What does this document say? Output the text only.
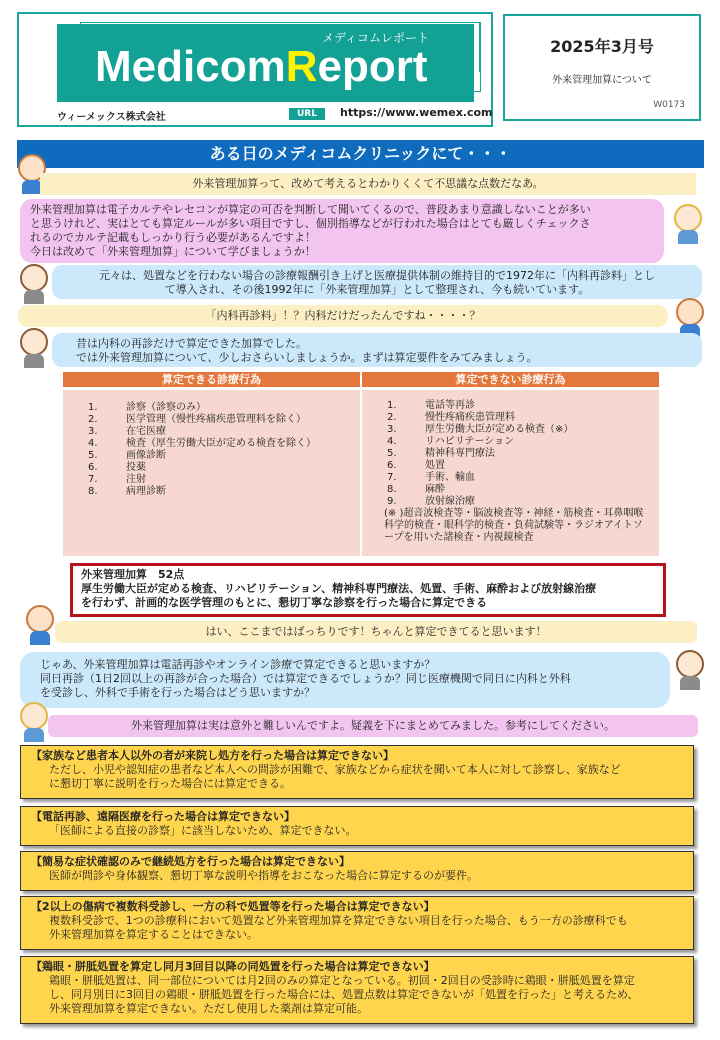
メディコムレポート
MedicomReport
ウィーメックス株式会社	URL	https://www.wemex.com
2025年3月号
外来管理加算について
W0173
ある日のメディコムクリニックにて・・・
外来管理加算って、改めて考えるとわかりくくて不思議な点数だなあ。
外来管理加算は電子カルテやレセコンが算定の可否を判断して聞いてくるので、普段あまり意識しないことが多い
と思うけれど、実はとても算定ルールが多い項目ですし、個別指導などが行われた場合はとても厳しくチェックさ
れるのでカルテ記載もしっかり行う必要があるんですよ！
今日は改めて「外来管理加算」について学びましょうか！
元々は、処置などを行わない場合の診療報酬引き上げと医療提供体制の維持目的で1972年に「内科再診料」とし
て導入され、その後1992年に「外来管理加算」として整理され、今も続いています。
「内科再診料」！？内科だけだったんですね・・・・？
昔は内科の再診だけで算定できた加算でした。
では外来管理加算について、少しおさらいしましょうか。まずは算定要件をみてみましょう。
算定できる診療行為
1.	診察（診察のみ）
2.	医学管理（慢性疼痛疾患管理料を除く）
3.	在宅医療
4.	検査（厚生労働大臣が定める検査を除く）
5.	画像診断
6.	投薬
7.	注射
8.	病理診断
算定できない診療行為
1.	電話等再診
2.	慢性疼痛疾患管理料
3.	厚生労働大臣が定める検査（※）
4.	リハビリテーション
5.	精神科専門療法
6.	処置
7.	手術、輸血
8.	麻酔
9.	放射線治療
(※ )超音波検査等・脳波検査等・神経・筋検査・耳鼻咽喉科学的検査・眼科学的検査・負荷試験等・ラジオアイトソープを用いた諸検査・内視鏡検査
外来管理加算　52点
厚生労働大臣が定める検査、リハビリテーション、精神科専門療法、処置、手術、麻酔および放射線治療
を行わず、計画的な医学管理のもとに、懇切丁寧な診察を行った場合に算定できる
はい、ここまではばっちりです！ちゃんと算定できてると思います！
じゃあ、外来管理加算は電話再診やオンライン診療で算定できると思いますか？
同日再診（1日2回以上の再診が合った場合）では算定できるでしょうか？同じ医療機関で同日に内科と外科
を受診し、外科で手術を行った場合はどう思いますか？
外来管理加算は実は意外と難しいんですよ。疑義を下にまとめてみました。参考にしてください。
【家族など患者本人以外の者が来院し処方を行った場合は算定できない】
ただし、小児や認知症の患者など本人への問診が困難で、家族などから症状を聞いて本人に対して診察し、家族など
に懇切丁寧に説明を行った場合には算定できる。
【電話再診、遠隔医療を行った場合は算定できない】
「医師による直接の診察」に該当しないため、算定できない。
【簡易な症状確認のみで継続処方を行った場合は算定できない】
医師が問診や身体観察、懇切丁寧な説明や指導をおこなった場合に算定するのが要件。
【2以上の傷病で複数科受診し、一方の科で処置等を行った場合は算定できない】
複数科受診で、1つの診療科において処置など外来管理加算を算定できない項目を行った場合、もう一方の診療科でも
外来管理加算を算定することはできない。
【鶏眼・胼胝処置を算定し同月3回目以降の同処置を行った場合は算定できない】
鶏眼・胼胝処置は、同一部位については月2回のみの算定となっている。初回・2回目の受診時に鶏眼・胼胝処置を算定
し、同月別日に3回目の鶏眼・胼胝処置を行った場合には、処置点数は算定できないが「処置を行った」と考えるため、
外来管理加算を算定できない。ただし使用した薬剤は算定可能。
